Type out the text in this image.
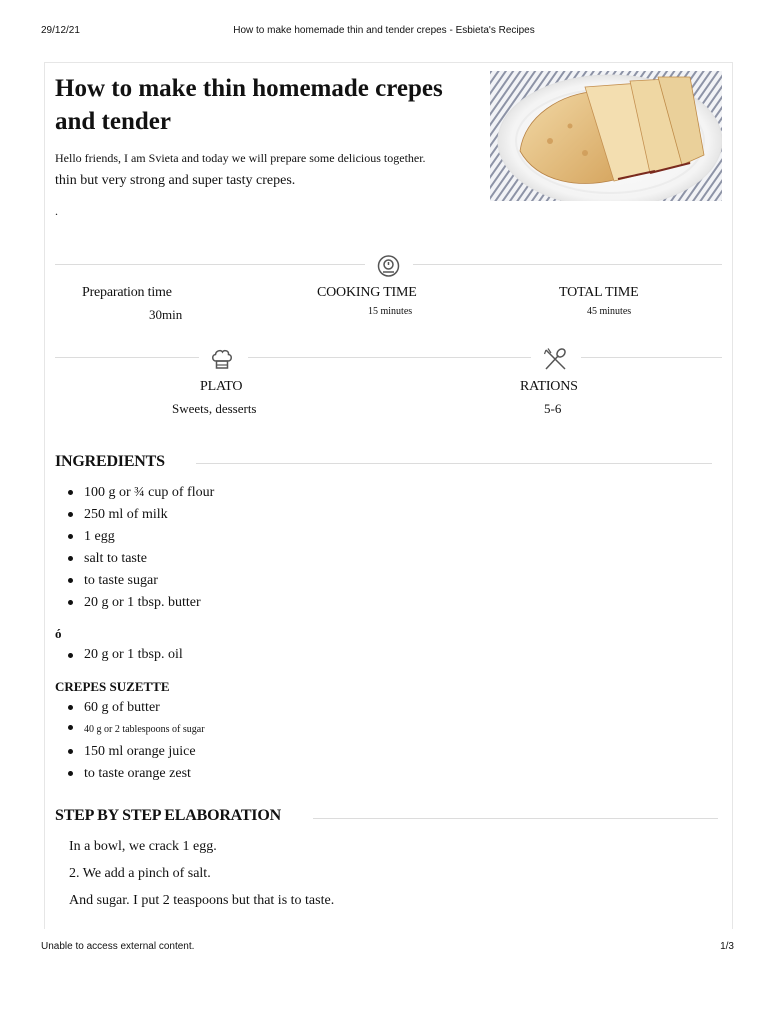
29/12/21	How to make homemade thin and tender crepes - Esbieta's Recipes
How to make thin homemade crepes and tender
Hello friends, I am Svieta and today we will prepare some delicious together.
thin but very strong and super tasty crepes.
.
Preparation time
30min
COOKING TIME
15 minutes
TOTAL TIME
45 minutes
PLATO
Sweets, desserts
RATIONS
5-6
INGREDIENTS
100 g or ¾ cup of flour
250 ml of milk
1 egg
salt to taste
to taste sugar
20 g or 1 tbsp. butter
ó
20 g or 1 tbsp. oil
CREPES SUZETTE
60 g of butter
40 g or 2 tablespoons of sugar
150 ml orange juice
to taste orange zest
STEP BY STEP ELABORATION
In a bowl, we crack 1 egg.
2. We add a pinch of salt.
And sugar. I put 2 teaspoons but that is to taste.
Unable to access external content.	1/3
